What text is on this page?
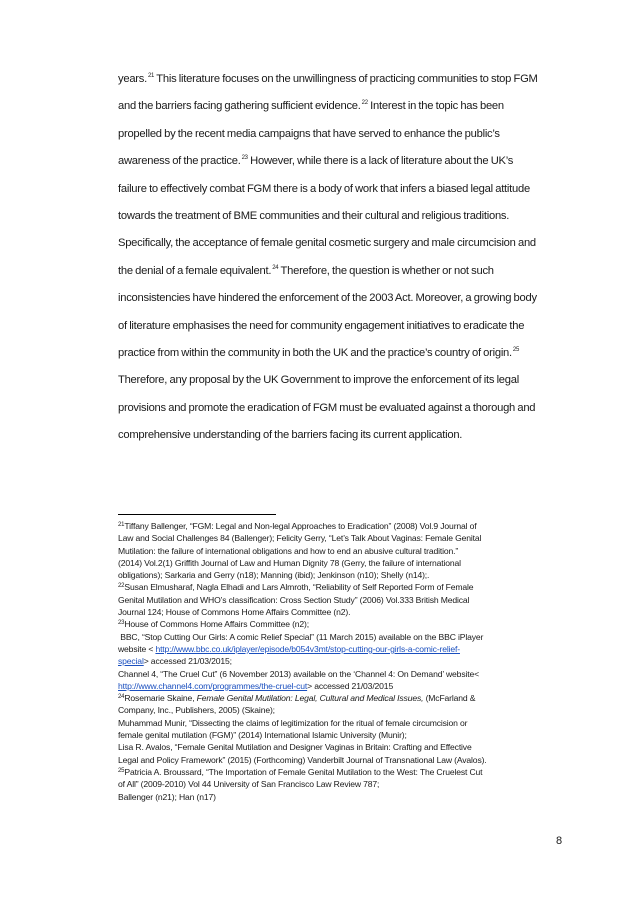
years.$^{21}$ This literature focuses on the unwillingness of practicing communities to stop FGM
and the barriers facing gathering sufficient evidence.$^{22}$ Interest in the topic has been
propelled by the recent media campaigns that have served to enhance the public’s
awareness of the practice.$^{23}$ However, while there is a lack of literature about the UK’s
failure to effectively combat FGM there is a body of work that infers a biased legal attitude
towards the treatment of BME communities and their cultural and religious traditions.
Specifically, the acceptance of female genital cosmetic surgery and male circumcision and
the denial of a female equivalent.$^{24}$ Therefore, the question is whether or not such
inconsistencies have hindered the enforcement of the 2003 Act. Moreover, a growing body
of literature emphasises the need for community engagement initiatives to eradicate the
practice from within the community in both the UK and the practice’s country of origin.$^{25}$
Therefore, any proposal by the UK Government to improve the enforcement of its legal
provisions and promote the eradication of FGM must be evaluated against a thorough and
comprehensive understanding of the barriers facing its current application.
$^{21}$Tiffany Ballenger, “FGM: Legal and Non-legal Approaches to Eradication” (2008) Vol.9 Journal of
Law and Social Challenges 84 (Ballenger); Felicity Gerry, “Let’s Talk About Vaginas: Female Genital
Mutilation: the failure of international obligations and how to end an abusive cultural tradition.”
(2014) Vol.2(1) Griffith Journal of Law and Human Dignity 78 (Gerry, the failure of international
obligations); Sarkaria and Gerry (n18); Manning (ibid); Jenkinson (n10); Shelly (n14);.
$^{22}$Susan Elmusharaf, Nagla Elhadi and Lars Almroth, “Reliability of Self Reported Form of Female
Genital Mutilation and WHO’s classification: Cross Section Study” (2006) Vol.333 British Medical
Journal 124; House of Commons Home Affairs Committee (n2).
$^{23}$House of Commons Home Affairs Committee (n2);
BBC, “Stop Cutting Our Girls: A comic Relief Special” (11 March 2015) available on the BBC iPlayer
website < http://www.bbc.co.uk/iplayer/episode/b054v3mt/stop-cutting-our-girls-a-comic-relief-
special> accessed 21/03/2015;
Channel 4, “The Cruel Cut” (6 November 2013) available on the ‘Channel 4: On Demand’ website<
http://www.channel4.com/programmes/the-cruel-cut> accessed 21/03/2015
$^{24}$Rosemarie Skaine, Female Genital Mutilation: Legal, Cultural and Medical Issues, (McFarland &
Company, Inc., Publishers, 2005) (Skaine);
Muhammad Munir, “Dissecting the claims of legitimization for the ritual of female circumcision or
female genital mutilation (FGM)” (2014) International Islamic University (Munir);
Lisa R. Avalos, “Female Genital Mutilation and Designer Vaginas in Britain: Crafting and Effective
Legal and Policy Framework” (2015) (Forthcoming) Vanderbilt Journal of Transnational Law (Avalos).
$^{25}$Patricia A. Broussard, “The Importation of Female Genital Mutilation to the West: The Cruelest Cut
of All” (2009-2010) Vol 44 University of San Francisco Law Review 787;
Ballenger (n21); Han (n17)
8
